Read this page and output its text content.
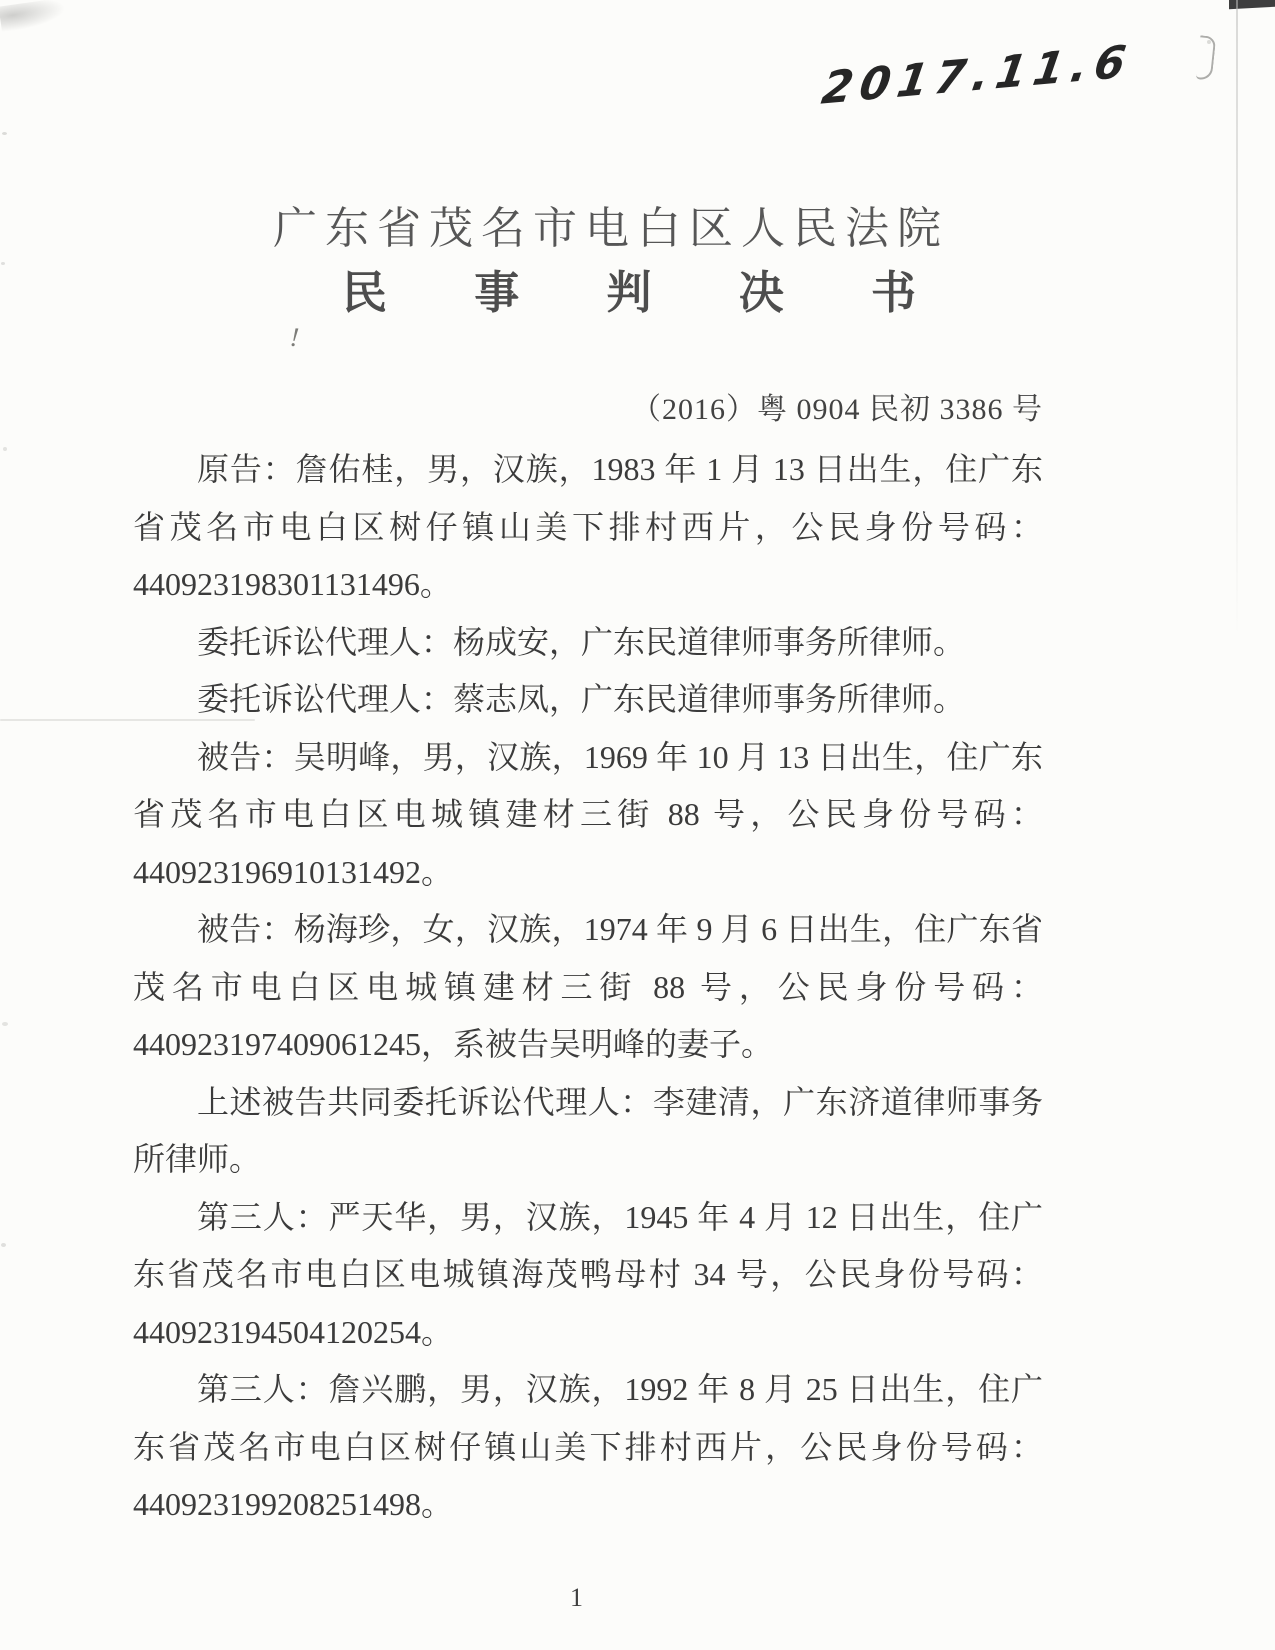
!
2017.11.6
广东省茂名市电白区人民法院
民 事 判 决 书
（2016）粤 0904 民初 3386 号

原告：詹佑桂，男，汉族，1983 年 1 月 13 日出生，住广东省茂名市电白区树仔镇山美下排村西片，公民身份号码：440923198301131496。

委托诉讼代理人：杨成安，广东民道律师事务所律师。

委托诉讼代理人：蔡志凤，广东民道律师事务所律师。

被告：吴明峰，男，汉族，1969 年 10 月 13 日出生，住广东省茂名市电白区电城镇建材三街 88 号，公民身份号码：440923196910131492。

被告：杨海珍，女，汉族，1974 年 9 月 6 日出生，住广东省茂名市电白区电城镇建材三街 88 号，公民身份号码：440923197409061245，系被告吴明峰的妻子。

上述被告共同委托诉讼代理人：李建清，广东济道律师事务所律师。

第三人：严天华，男，汉族，1945 年 4 月 12 日出生，住广东省茂名市电白区电城镇海茂鸭母村 34 号，公民身份号码：440923194504120254。

第三人：詹兴鹏，男，汉族，1992 年 8 月 25 日出生，住广东省茂名市电白区树仔镇山美下排村西片，公民身份号码：440923199208251498。

1
